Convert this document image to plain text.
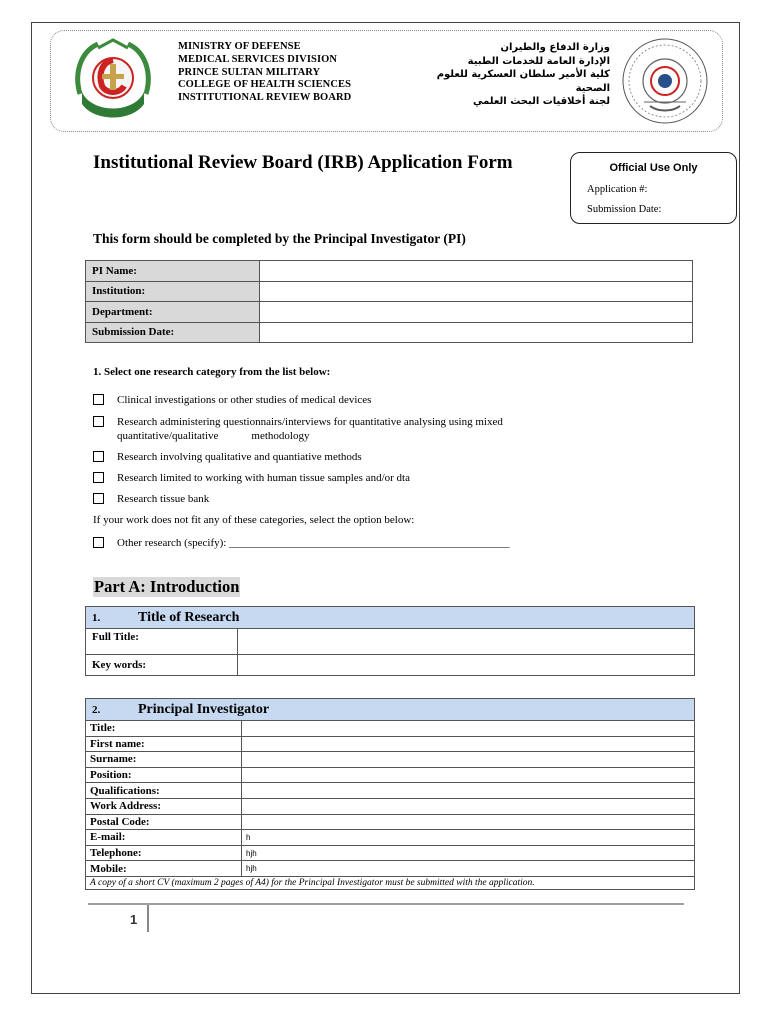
MINISTRY OF DEFENSE
MEDICAL SERVICES DIVISION
PRINCE SULTAN MILITARY
COLLEGE OF HEALTH SCIENCES
INSTITUTIONAL REVIEW BOARD
وزارة الدفاع والطيران
الإدارة العامة للخدمات الطبية
كلية الأمير سلطان العسكرية للعلوم الصحية
لجنة أخلاقيات البحث العلمي
Institutional Review Board (IRB) Application Form	Official Use Only
Application #:
Submission Date:
This form should be completed by the Principal Investigator (PI)
PI Name:	
Institution:	
Department:	
Submission Date:	
1. Select one research category from the list below:
Clinical investigations or other studies of medical devices
Research administering questionnairs/interviews for quantitative analysing using mixed
quantitative/qualitative            methodology
Research involving qualitative and quantiative methods
Research limited to working with human tissue samples and/or dta
Research tissue bank
If your work does not fit any of these categories, select the option below:
Other research (specify): ___________________________________________________
Part A: Introduction
1. Title of Research	
Full Title:	
Key words:	
2. Principal Investigator	
Title:	
First name:	
Surname:	
Position:	
Qualifications:	
Work Address:	
Postal Code:	
E-mail:	h
Telephone:	hjh
Mobile:	hjh
A copy of a short CV (maximum 2 pages of A4) for the Principal Investigator must be submitted with the application.	
1
